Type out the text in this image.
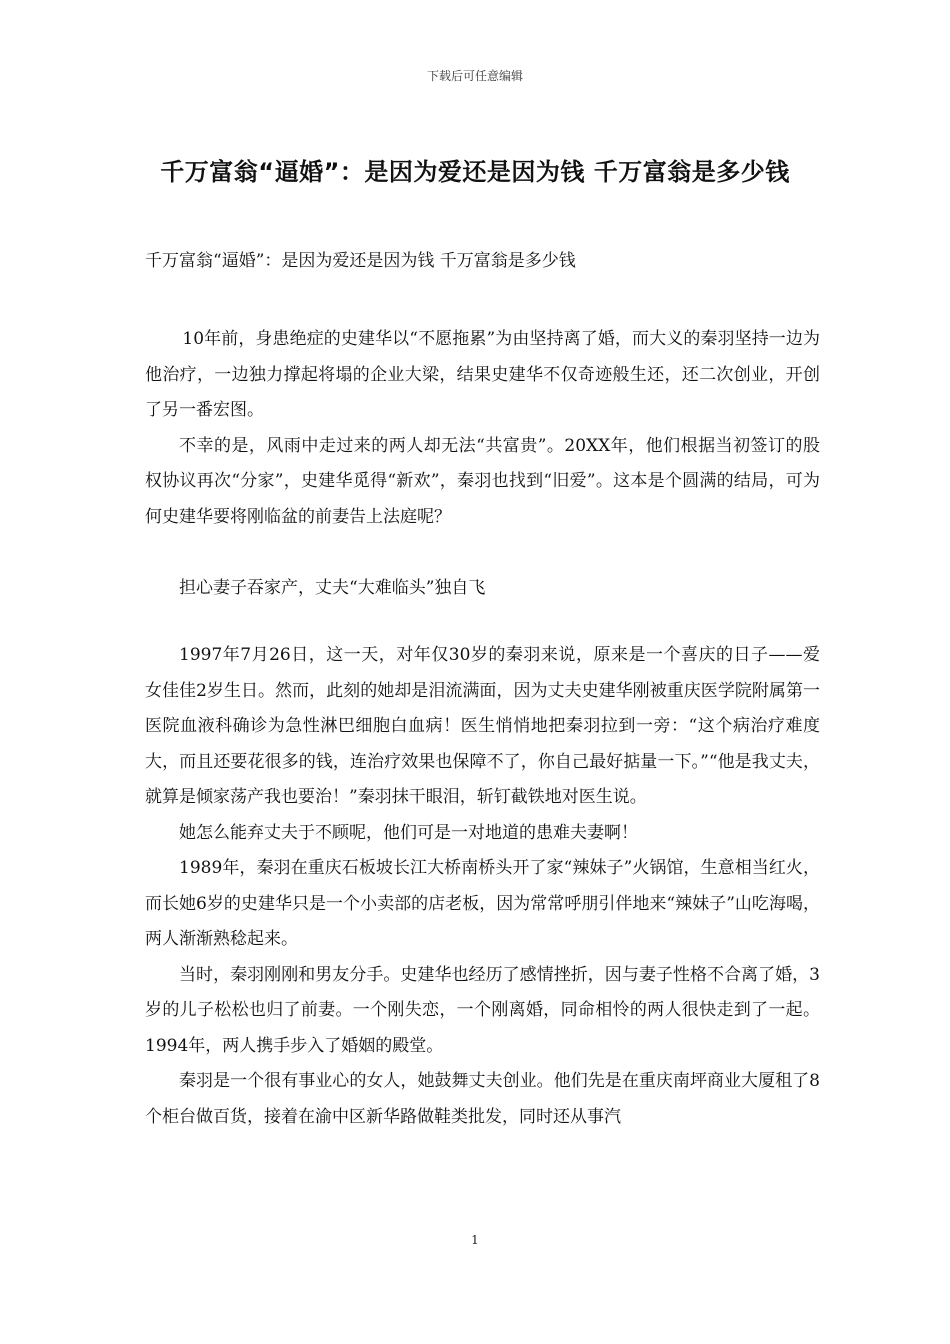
下载后可任意编辑
千万富翁“逼婚”：是因为爱还是因为钱 千万富翁是多少钱
千万富翁“逼婚”：是因为爱还是因为钱 千万富翁是多少钱

10年前，身患绝症的史建华以“不愿拖累”为由坚持离了婚，而大义的秦羽坚持一边为他治疗，一边独力撑起将塌的企业大梁，结果史建华不仅奇迹般生还，还二次创业，开创了另一番宏图。

不幸的是，风雨中走过来的两人却无法“共富贵”。20XX年，他们根据当初签订的股权协议再次“分家”，史建华觅得“新欢”，秦羽也找到“旧爱”。这本是个圆满的结局，可为何史建华要将刚临盆的前妻告上法庭呢？

担心妻子吞家产，丈夫“大难临头”独自飞

1997年7月26日，这一天，对年仅30岁的秦羽来说，原来是一个喜庆的日子——爱女佳佳2岁生日。然而，此刻的她却是泪流满面，因为丈夫史建华刚被重庆医学院附属第一医院血液科确诊为急性淋巴细胞白血病！医生悄悄地把秦羽拉到一旁：“这个病治疗难度大，而且还要花很多的钱，连治疗效果也保障不了，你自己最好掂量一下。”“他是我丈夫，就算是倾家荡产我也要治！”秦羽抹干眼泪，斩钉截铁地对医生说。

她怎么能弃丈夫于不顾呢，他们可是一对地道的患难夫妻啊！

1989年，秦羽在重庆石板坡长江大桥南桥头开了家“辣妹子”火锅馆，生意相当红火，而长她6岁的史建华只是一个小卖部的店老板，因为常常呼朋引伴地来“辣妹子”山吃海喝，两人渐渐熟稔起来。

当时，秦羽刚刚和男友分手。史建华也经历了感情挫折，因与妻子性格不合离了婚，3岁的儿子松松也归了前妻。一个刚失恋，一个刚离婚，同命相怜的两人很快走到了一起。1994年，两人携手步入了婚姻的殿堂。

秦羽是一个很有事业心的女人，她鼓舞丈夫创业。他们先是在重庆南坪商业大厦租了8个柜台做百货，接着在渝中区新华路做鞋类批发，同时还从事汽

1
